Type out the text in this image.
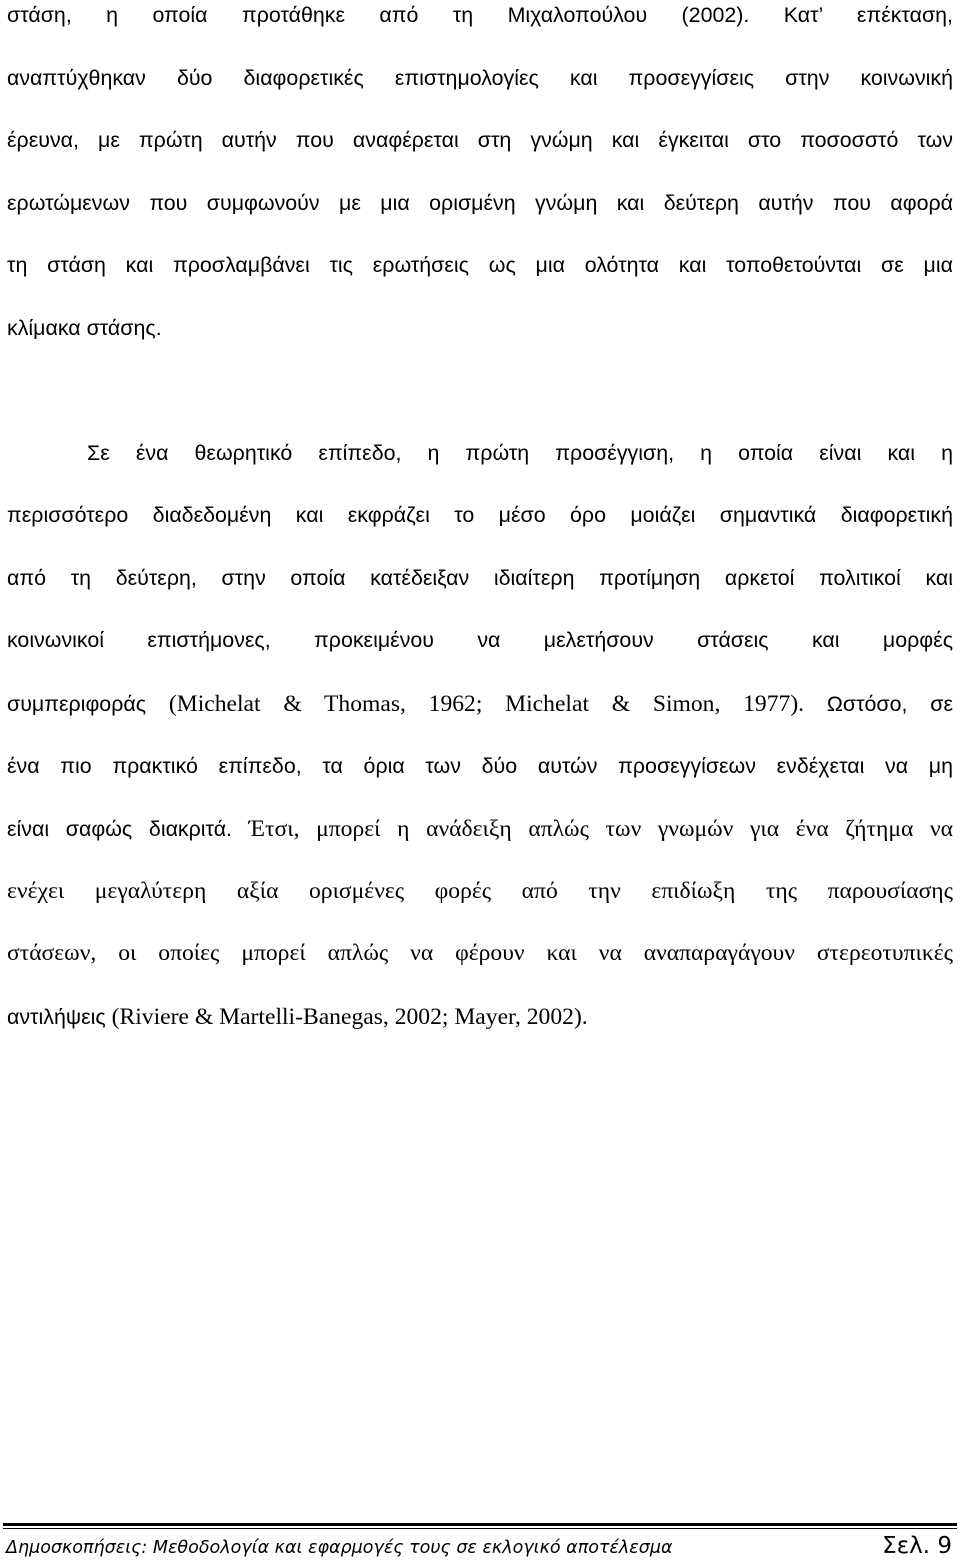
στάση, η οποία προτάθηκε από τη Μιχαλοπούλου (2002). Κατ’ επέκταση,
αναπτύχθηκαν δύο διαφορετικές επιστημολογίες και προσεγγίσεις στην κοινωνική
έρευνα, με πρώτη αυτήν που αναφέρεται στη γνώμη και έγκειται στο ποσοσστό των
ερωτώμενων που συμφωνούν με μια ορισμένη γνώμη και δεύτερη αυτήν που αφορά
τη στάση και προσλαμβάνει τις ερωτήσεις ως μια ολότητα και τοποθετούνται σε μια
κλίμακα στάσης.
Σε ένα θεωρητικό επίπεδο, η πρώτη προσέγγιση, η οποία είναι και η
περισσότερο διαδεδομένη και εκφράζει το μέσο όρο μοιάζει σημαντικά διαφορετική
από τη δεύτερη, στην οποία κατέδειξαν ιδιαίτερη προτίμηση αρκετοί πολιτικοί και
κοινωνικοί επιστήμονες, προκειμένου να μελετήσουν στάσεις και μορφές
συμπεριφοράς (Michelat & Thomas, 1962; Michelat & Simon, 1977). Ωστόσο, σε
ένα πιο πρακτικό επίπεδο, τα όρια των δύο αυτών προσεγγίσεων ενδέχεται να μη
είναι σαφώς διακριτά. Έτσι, μπορεί η ανάδειξη απλώς των γνωμών για ένα ζήτημα να
ενέχει μεγαλύτερη αξία ορισμένες φορές από την επιδίωξη της παρουσίασης
στάσεων, οι οποίες μπορεί απλώς να φέρουν και να αναπαραγάγουν στερεοτυπικές
αντιλήψεις (Riviere & Martelli-Banegas, 2002; Mayer, 2002).
Δημοσκοπήσεις: Μεθοδολογία και εφαρμογές τους σε εκλογικό αποτέλεσμα	Σελ. 9
